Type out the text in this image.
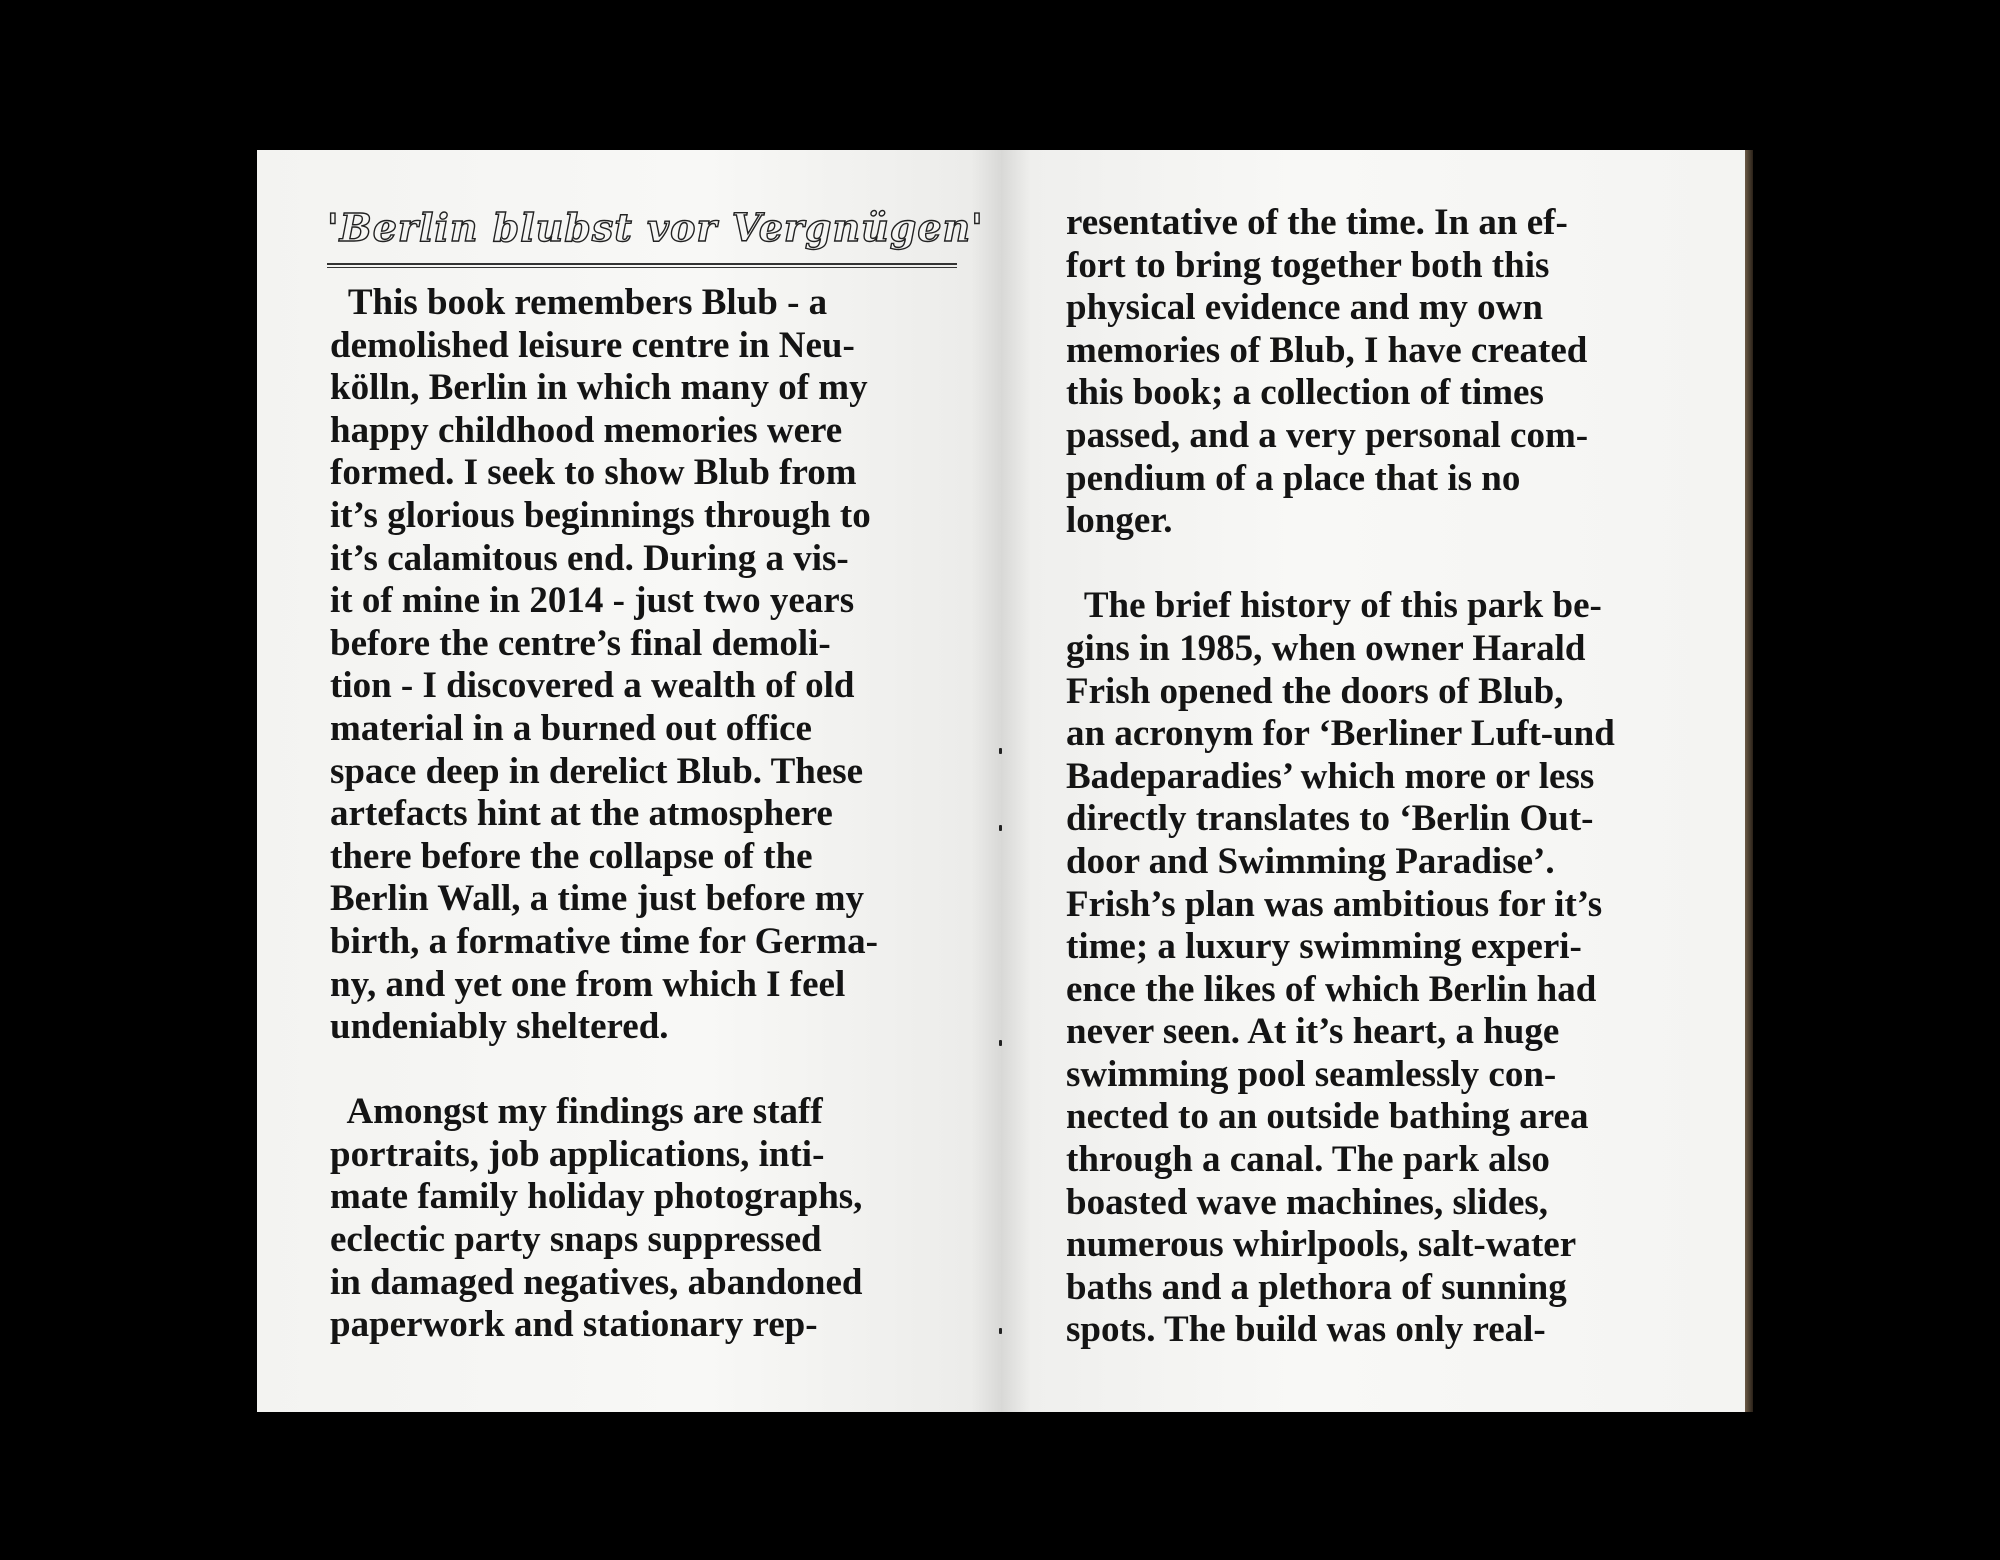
'Berlin blubst vor Vergnügen'
This book remembers Blub - a
demolished leisure centre in Neu-
kölln, Berlin in which many of my
happy childhood memories were
formed. I seek to show Blub from
it’s glorious beginnings through to
it’s calamitous end. During a vis-
it of mine in 2014 - just two years
before the centre’s final demoli-
tion - I discovered a wealth of old
material in a burned out office
space deep in derelict Blub. These
artefacts hint at the atmosphere
there before the collapse of the
Berlin Wall, a time just before my
birth, a formative time for Germa-
ny, and yet one from which I feel
undeniably sheltered.
Amongst my findings are staff
portraits, job applications, inti-
mate family holiday photographs,
eclectic party snaps suppressed
in damaged negatives, abandoned
paperwork and stationary rep-
resentative of the time. In an ef-
fort to bring together both this
physical evidence and my own
memories of Blub, I have created
this book; a collection of times
passed, and a very personal com-
pendium of a place that is no
longer.
The brief history of this park be-
gins in 1985, when owner Harald
Frish opened the doors of Blub,
an acronym for ‘Berliner Luft-und
Badeparadies’ which more or less
directly translates to ‘Berlin Out-
door and Swimming Paradise’.
Frish’s plan was ambitious for it’s
time; a luxury swimming experi-
ence the likes of which Berlin had
never seen. At it’s heart, a huge
swimming pool seamlessly con-
nected to an outside bathing area
through a canal. The park also
boasted wave machines, slides,
numerous whirlpools, salt-water
baths and a plethora of sunning
spots. The build was only real-
